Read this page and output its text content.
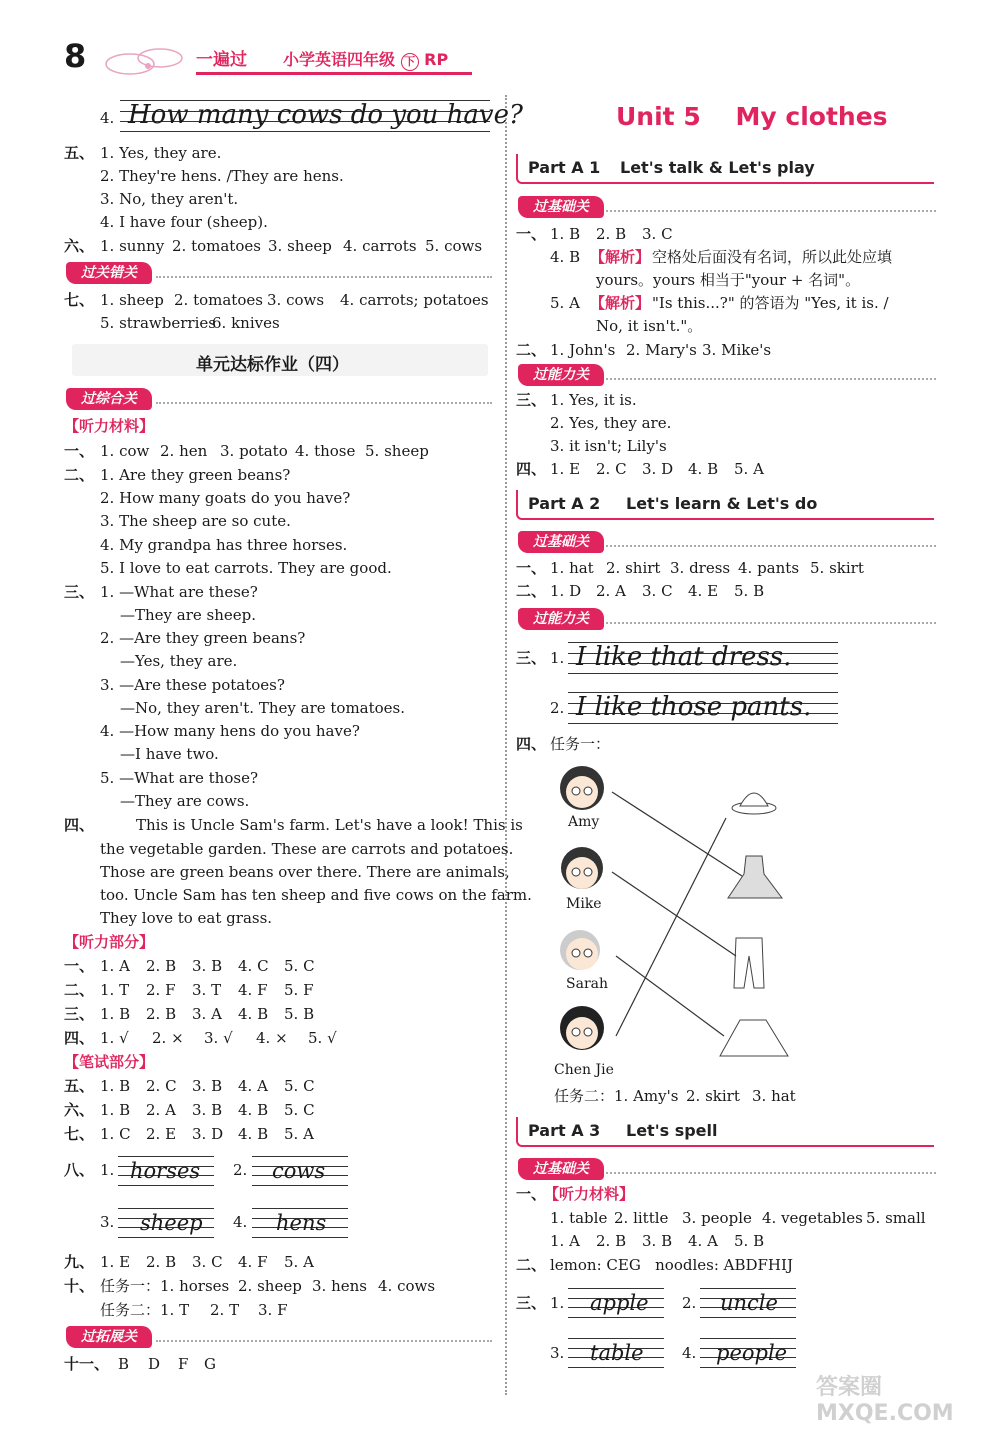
8	一遍过 小学英语四年级 下 RP
4. How many cows do you have?
五、 1. Yes, they are.
2. They're hens. /They are hens.
3. No, they aren't.
4. I have four (sheep).
六、 1. sunny 2. tomatoes 3. sheep 4. carrots 5. cows
过关错关
七、 1. sheep 2. tomatoes 3. cows 4. carrots; potatoes
5. strawberries
6. knives
单元达标作业（四）
过综合关
【听力材料】
一、 1. cow 2. hen 3. potato 4. those 5. sheep
二、 1. Are they green beans?
2. How many goats do you have?
3. The sheep are so cute.
4. My grandpa has three horses.
5. I love to eat carrots. They are good.
三、 1. —What are these?
—They are sheep.
2. —Are they green beans?
—Yes, they are.
3. —Are these potatoes?
—No, they aren't. They are tomatoes.
4. —How many hens do you have?
—I have two.
5. —What are those?
—They are cows.
四、	This is Uncle Sam's farm. Let's have a look! This is
the vegetable garden. These are carrots and potatoes.
Those are green beans over there. There are animals,
too. Uncle Sam has ten sheep and five cows on the farm.
They love to eat grass.
【听力部分】
一、 1. A 2. B 3. B 4. C 5. C
二、 1. T 2. F 3. T 4. F 5. F
三、 1. B 2. B 3. A 4. B 5. B
四、 1. √ 2. × 3. √ 4. × 5. √
【笔试部分】
五、 1. B 2. C 3. B 4. A 5. C
六、 1. B 2. A 3. B 4. B 5. C
七、 1. C 2. E 3. D 4. B 5. A
八、 1. horses 2. cows
3. sheep 4. hens
九、 1. E 2. B 3. C 4. F 5. A
十、 任务一：1. horses 2. sheep 3. hens 4. cows
任务二：1. T 2. T 3. F
过拓展关
十一、 B D F G
Unit 5    My clothes
Part A 1 Let's talk & Let's play
过基础关
一、 1. B 2. B 3. C
4. B 【解析】 空格处后面没有名词，所以此处应填
yours。yours 相当于"your + 名词"。
5. A 【解析】 "Is this...?" 的答语为 "Yes, it is. /
No, it isn't."。
二、 1. John's 2. Mary's 3. Mike's
过能力关
三、 1. Yes, it is.
2. Yes, they are.
3. it isn't; Lily's
四、 1. E 2. C 3. D 4. B 5. A
Part A 2 Let's learn & Let's do
过基础关
一、 1. hat 2. shirt 3. dress 4. pants 5. skirt
二、 1. D 2. A 3. C 4. E 5. B
过能力关
三、 1. I like that dress.
2. I like those pants.
四、 任务一：
Amy
Mike
Sarah
Chen Jie
任务二：1. Amy's 2. skirt 3. hat
Part A 3 Let's spell
过基础关
一、
【听力材料】
1. table 2. little 3. people 4. vegetables 5. small
1. A 2. B 3. B 4. A 5. B
二、 lemon: CEG   noodles: ABDFHIJ
三、 1. apple 2. uncle
3. table	4. people
答案圈 MXQE.COM
